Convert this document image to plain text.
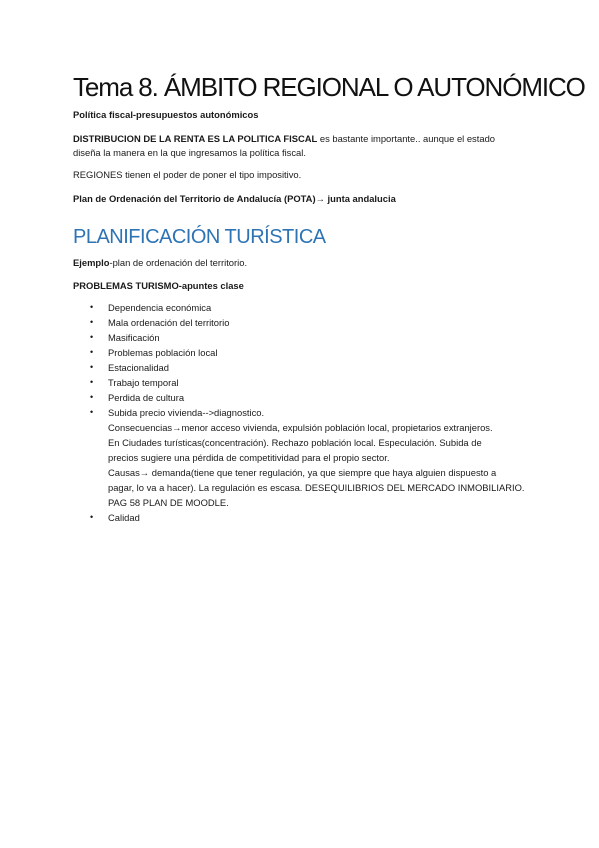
Tema 8. ÁMBITO REGIONAL O AUTONÓMICO
Política fiscal-presupuestos autonómicos
DISTRIBUCION DE LA RENTA ES LA POLITICA FISCAL es bastante importante.. aunque el estado
diseña la manera en la que ingresamos la política fiscal.
REGIONES tienen el poder de poner el tipo impositivo.
Plan de Ordenación del Territorio de Andalucía (POTA)→ junta andalucia
PLANIFICACIÓN TURÍSTICA
Ejemplo-plan de ordenación del territorio.
PROBLEMAS TURISMO-apuntes clase
• Dependencia económica
• Mala ordenación del territorio
• Masificación
• Problemas población local
• Estacionalidad
• Trabajo temporal
• Perdida de cultura
• Subida precio vivienda-->diagnostico.
Consecuencias→menor acceso vivienda, expulsión población local, propietarios extranjeros.
En Ciudades turísticas(concentración). Rechazo población local. Especulación. Subida de
precios sugiere una pérdida de competitividad para el propio sector.
Causas→ demanda(tiene que tener regulación, ya que siempre que haya alguien dispuesto a
pagar, lo va a hacer). La regulación es escasa. DESEQUILIBRIOS DEL MERCADO INMOBILIARIO.
PAG 58 PLAN DE MOODLE.
• Calidad
